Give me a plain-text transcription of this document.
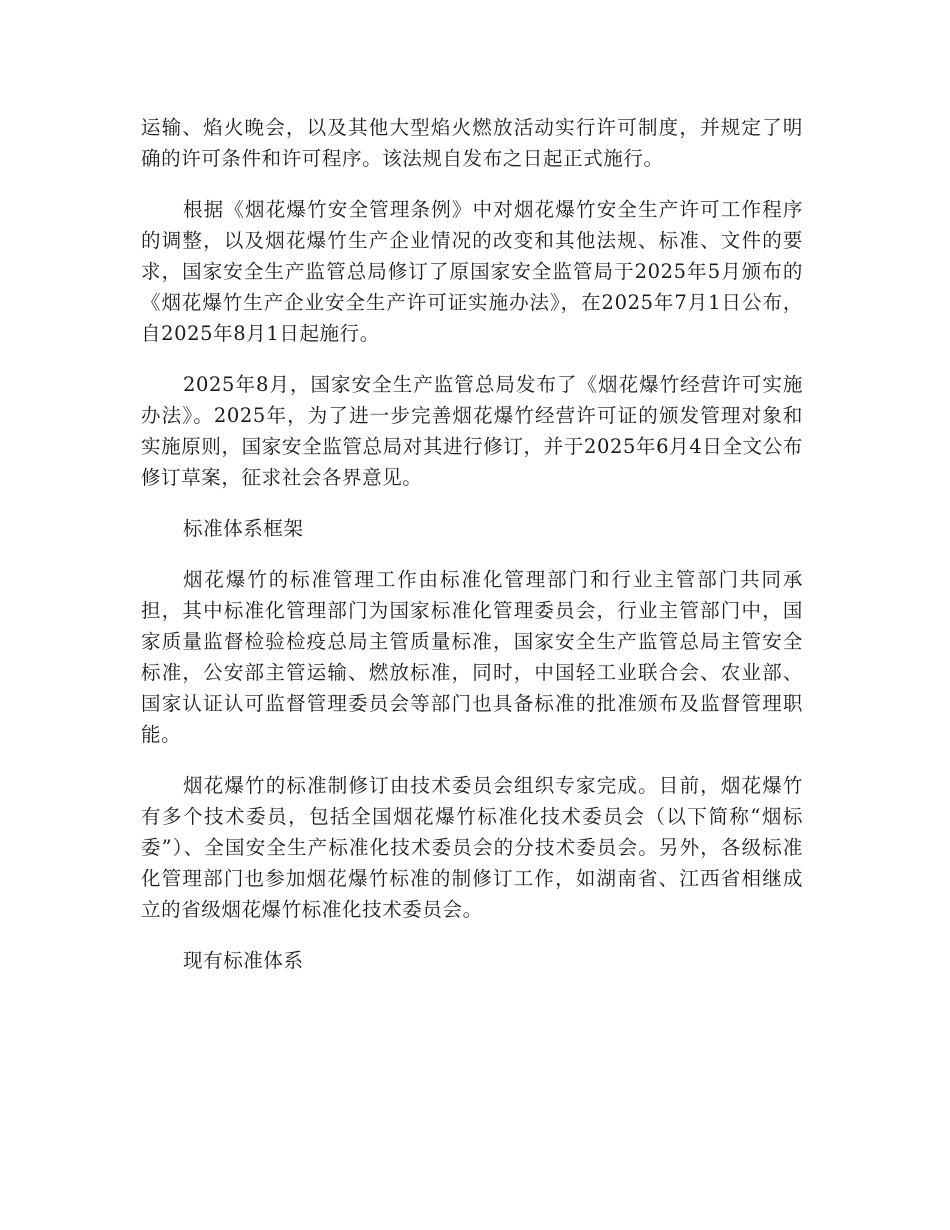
运输、焰火晚会，以及其他大型焰火燃放活动实行许可制度，并规定了明确的许可条件和许可程序。该法规自发布之日起正式施行。

根据《烟花爆竹安全管理条例》中对烟花爆竹安全生产许可工作程序的调整，以及烟花爆竹生产企业情况的改变和其他法规、标准、文件的要求，国家安全生产监管总局修订了原国家安全监管局于2025年5月颁布的《烟花爆竹生产企业安全生产许可证实施办法》，在2025年7月1日公布，自2025年8月1日起施行。

2025年8月，国家安全生产监管总局发布了《烟花爆竹经营许可实施办法》。2025年，为了进一步完善烟花爆竹经营许可证的颁发管理对象和实施原则，国家安全监管总局对其进行修订，并于2025年6月4日全文公布修订草案，征求社会各界意见。

标准体系框架

烟花爆竹的标准管理工作由标准化管理部门和行业主管部门共同承担，其中标准化管理部门为国家标准化管理委员会，行业主管部门中，国家质量监督检验检疫总局主管质量标准，国家安全生产监管总局主管安全标准，公安部主管运输、燃放标准，同时，中国轻工业联合会、农业部、国家认证认可监督管理委员会等部门也具备标准的批准颁布及监督管理职能。

烟花爆竹的标准制修订由技术委员会组织专家完成。目前，烟花爆竹有多个技术委员，包括全国烟花爆竹标准化技术委员会（以下简称“烟标委”）、全国安全生产标准化技术委员会的分技术委员会。另外，各级标准化管理部门也参加烟花爆竹标准的制修订工作，如湖南省、江西省相继成立的省级烟花爆竹标准化技术委员会。

现有标准体系
